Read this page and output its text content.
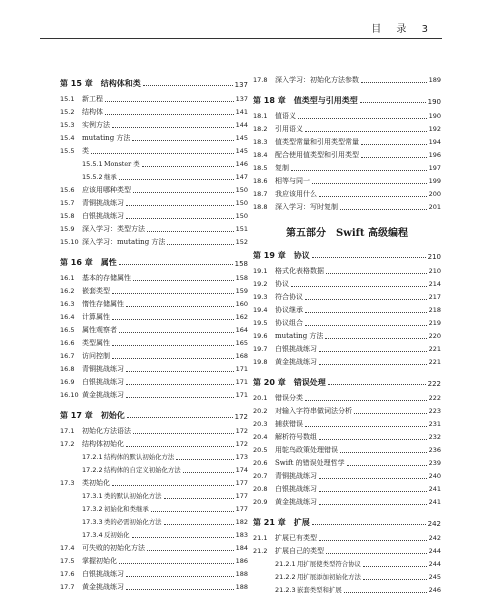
目 录 3
第 15 章 结构体和类	137
15.1	新工程	137
15.2	结构体	141
15.3	实例方法	144
15.4	mutating 方法	145
15.5	类	145
15.5.1 Monster 类	146
15.5.2 继承	147
15.6	应该用哪种类型	150
15.7	青铜挑战练习	150
15.8	白银挑战练习	150
15.9	深入学习：类型方法	151
15.10 深入学习：mutating 方法	152
第 16 章 属性	158
16.1	基本的存储属性	158
16.2	嵌套类型	159
16.3	惰性存储属性	160
16.4	计算属性	162
16.5	属性观察者	164
16.6	类型属性	165
16.7	访问控制	168
16.8	青铜挑战练习	171
16.9	白银挑战练习	171
16.10 黄金挑战练习	171
第 17 章 初始化	172
17.1	初始化方法语法	172
17.2	结构体初始化	172
17.2.1 结构体的默认初始化方法	173
17.2.2 结构体的自定义初始化方法	174
17.3	类初始化	177
17.3.1 类的默认初始化方法	177
17.3.2 初始化和类继承	177
17.3.3 类的必需初始化方法	182
17.3.4 反初始化	183
17.4	可失败的初始化方法	184
17.5	掌握初始化	186
17.6	白银挑战练习	188
17.7	黄金挑战练习	188
17.8	深入学习：初始化方法参数	189
第 18 章 值类型与引用类型	190
18.1	值语义	190
18.2	引用语义	192
18.3	值类型常量和引用类型常量	194
18.4	配合使用值类型和引用类型	196
18.5	复制	197
18.6	相等与同一	199
18.7	我应该用什么	200
18.8	深入学习：写时复制	201
第五部分　Swift 高级编程
第 19 章 协议	210
19.1	格式化表格数据	210
19.2	协议	214
19.3	符合协议	217
19.4	协议继承	218
19.5	协议组合	219
19.6	mutating 方法	220
19.7	白银挑战练习	221
19.8	黄金挑战练习	221
第 20 章 错误处理	222
20.1	错误分类	222
20.2	对输入字符串做词法分析	223
20.3	捕获错误	231
20.4	解析符号数组	232
20.5	用鸵鸟政策处理错误	236
20.6	Swift 的错误处理哲学	239
20.7	青铜挑战练习	240
20.8	白银挑战练习	241
20.9	黄金挑战练习	241
第 21 章 扩展	242
21.1	扩展已有类型	242
21.2	扩展自己的类型	244
21.2.1 用扩展使类型符合协议	244
21.2.2 用扩展添加初始化方法	245
21.2.3 嵌套类型和扩展	246
